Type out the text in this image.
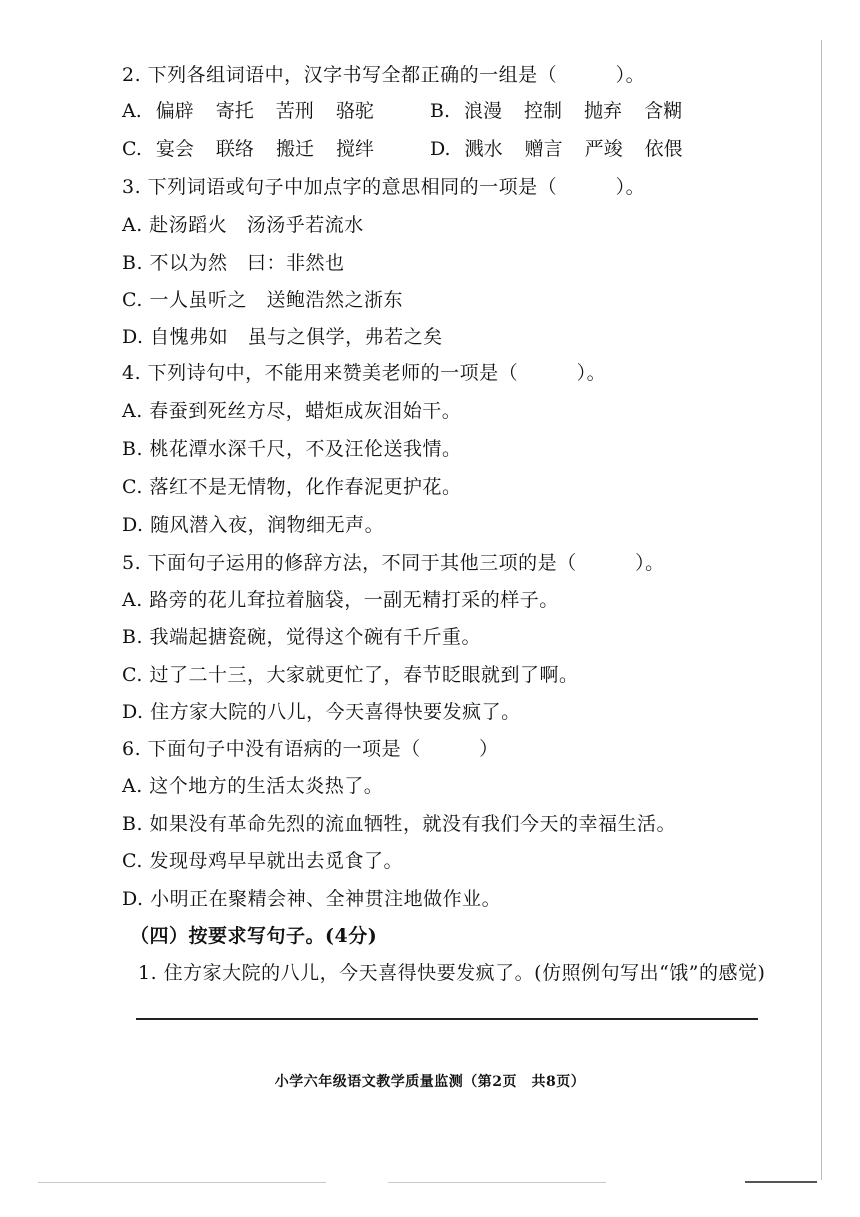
2. 下列各组词语中，汉字书写全都正确的一组是（　　　）。
A. 偏辟 寄托 苦刑 骆驼	B. 浪漫 控制 抛弃 含糊
C. 宴会 联络 搬迁 搅绊	D. 溅水 赠言 严竣 依偎
3. 下列词语或句子中加点字的意思相同的一项是（　　　）。
A. 赴汤蹈火　汤汤乎若流水
B. 不以为然　曰：非然也
C. 一人虽听之　送鲍浩然之浙东
D. 自愧弗如　虽与之俱学，弗若之矣
4. 下列诗句中，不能用来赞美老师的一项是（　　　）。
A. 春蚕到死丝方尽，蜡炬成灰泪始干。
B. 桃花潭水深千尺，不及汪伦送我情。
C. 落红不是无情物，化作春泥更护花。
D. 随风潜入夜，润物细无声。
5. 下面句子运用的修辞方法，不同于其他三项的是（　　　）。
A. 路旁的花儿耷拉着脑袋，一副无精打采的样子。
B. 我端起搪瓷碗，觉得这个碗有千斤重。
C. 过了二十三，大家就更忙了，春节眨眼就到了啊。
D. 住方家大院的八儿，今天喜得快要发疯了。
6. 下面句子中没有语病的一项是（　　　）
A. 这个地方的生活太炎热了。
B. 如果没有革命先烈的流血牺牲，就没有我们今天的幸福生活。
C. 发现母鸡早早就出去觅食了。
D. 小明正在聚精会神、全神贯注地做作业。
（四）按要求写句子。(4分)
1. 住方家大院的八儿，今天喜得快要发疯了。(仿照例句写出“饿”的感觉)
小学六年级语文教学质量监测（第2页　共8页）
